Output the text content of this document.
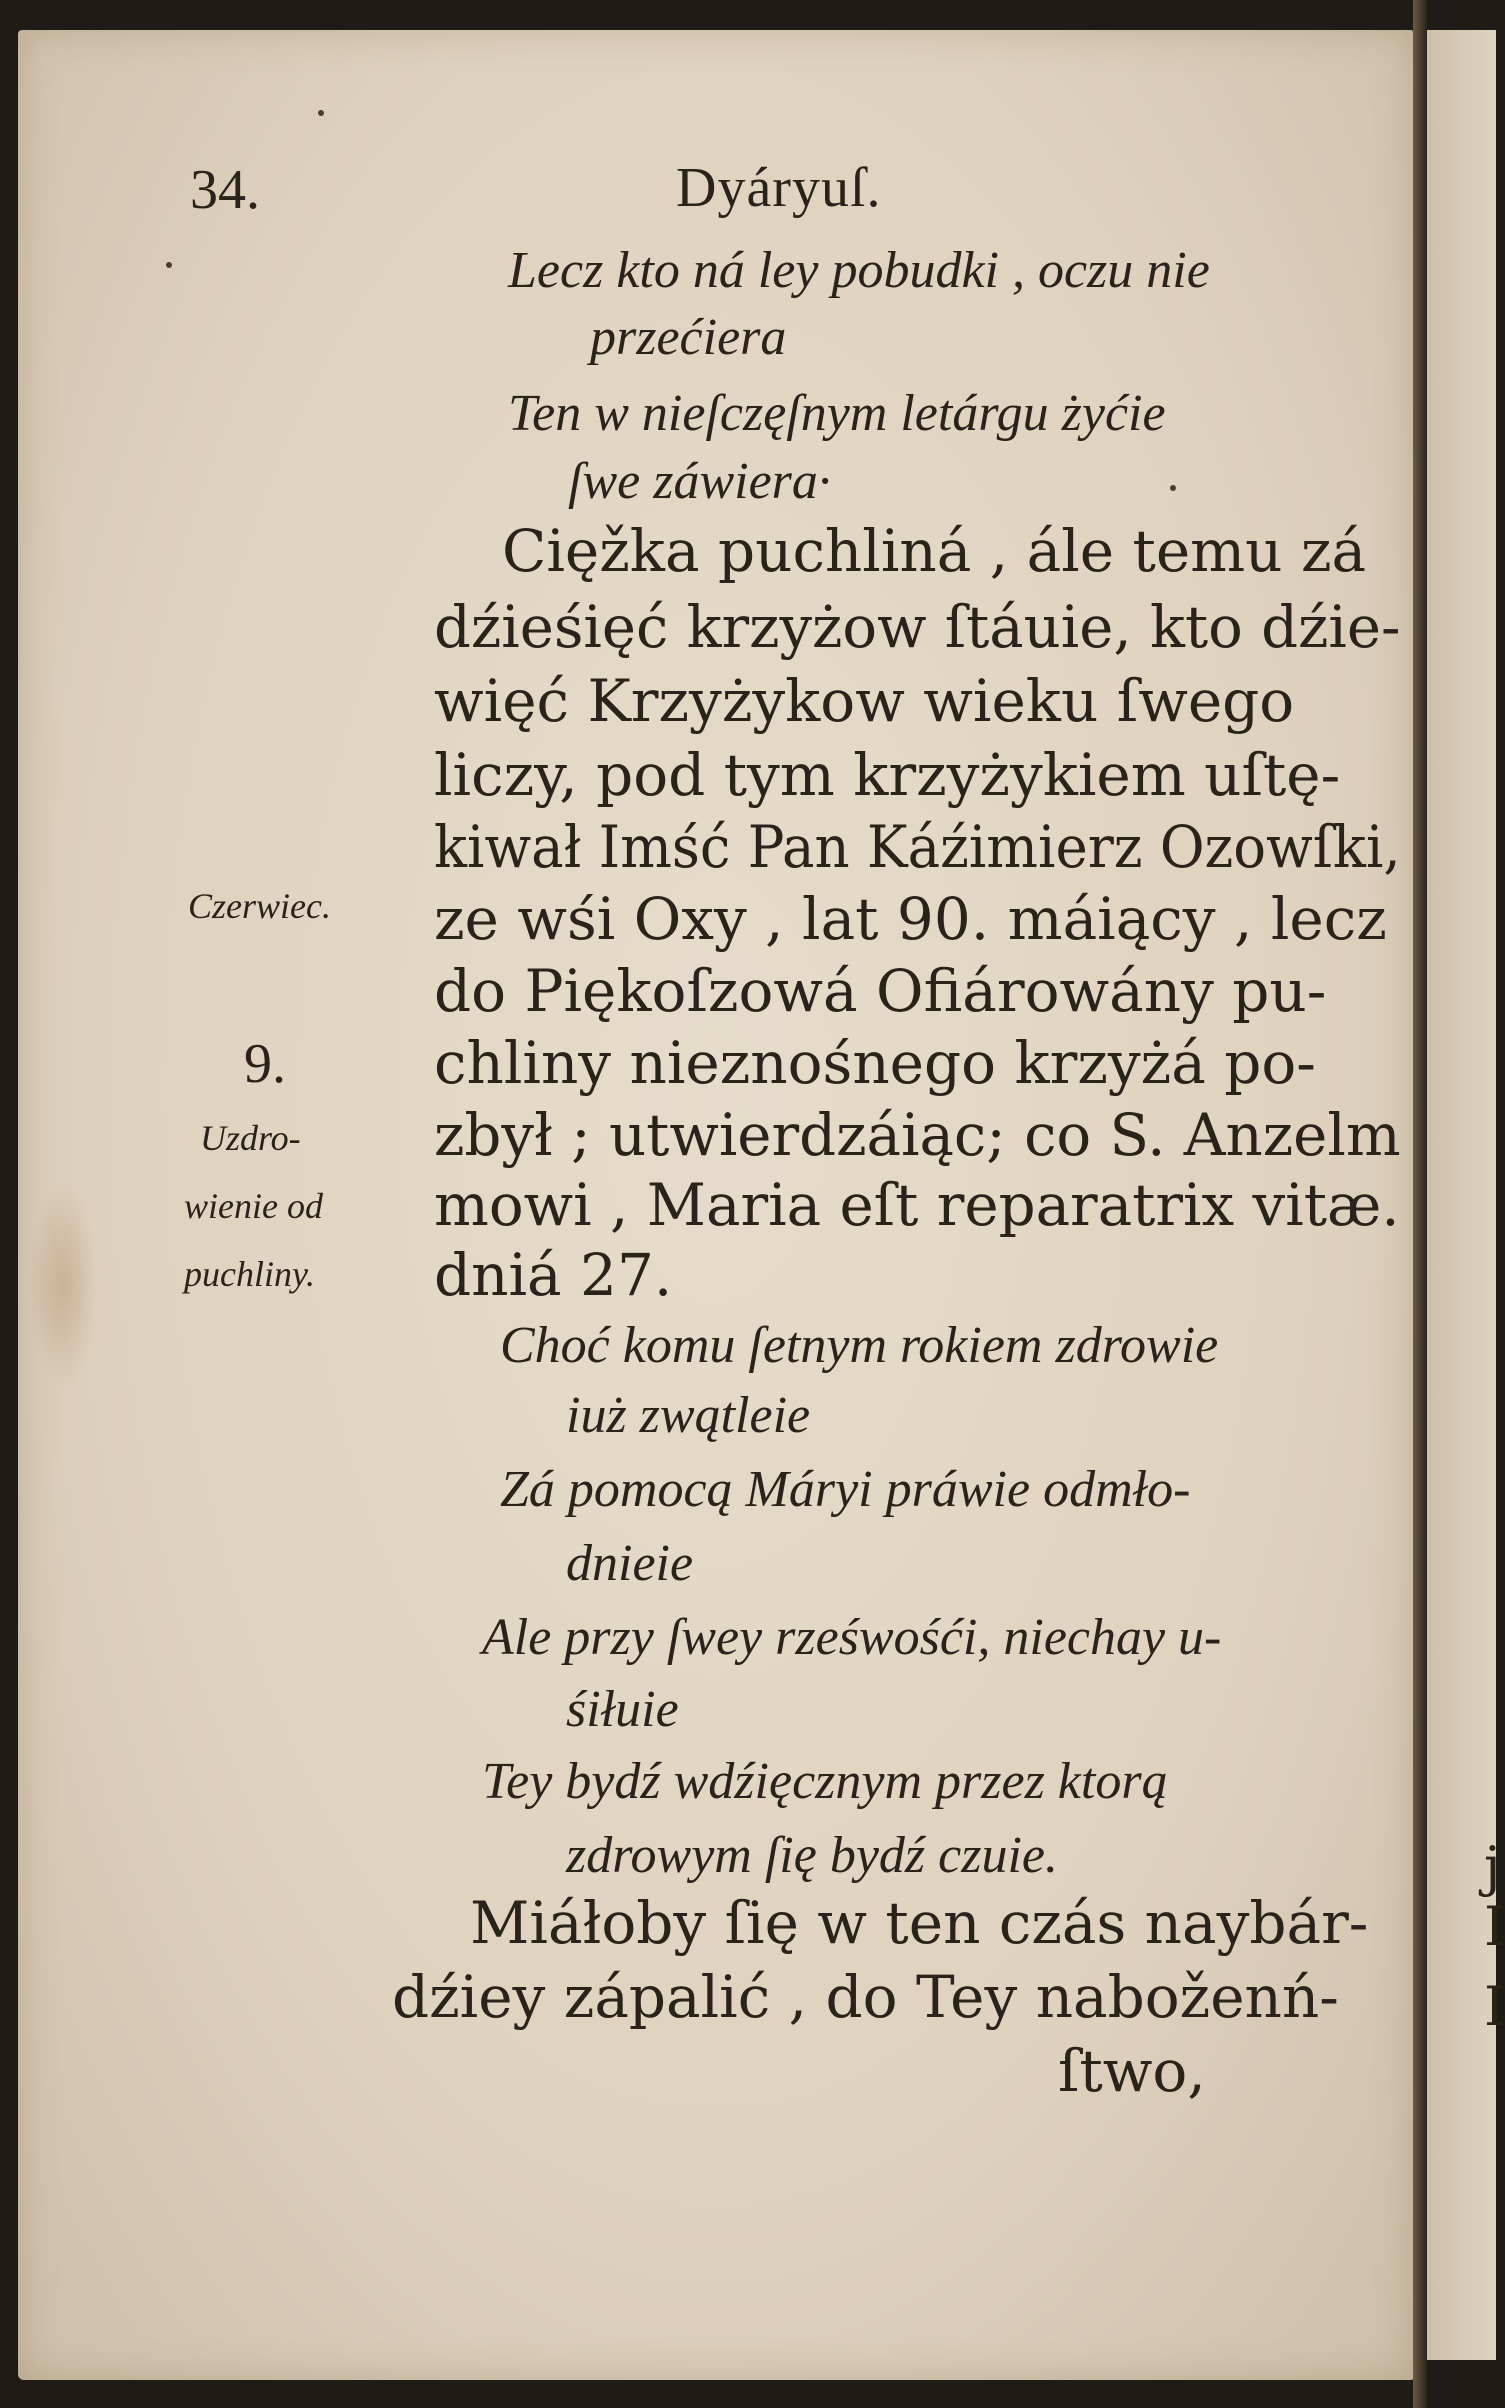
j
I
I
34.	Dyáryuſ.
Lecz kto ná ley pobudki , oczu nie
przećiera
Ten w nieſczęſnym letárgu żyćie
ſwe záwiera·
Cięžka puchliná , ále temu zá
dźieśięć krzyżow ſtáuie, kto dźie-
więć Krzyżykow wieku ſwego
liczy, pod tym krzyżykiem uſtę-
kiwał Imść Pan Káźimierz Ozowſki,
ze wśi Oxy , lat 90. máiący , lecz
do Piękoſzowá Ofiárowány pu-
chliny nieznośnego krzyżá po-
zbył ; utwierdzáiąc; co S. Anzelm
mowi , Maria eſt reparatrix vitæ.
dniá 27.
Czerwiec.
9.
Uzdro-
wienie od
puchliny.
Choć komu ſetnym rokiem zdrowie
iuż zwątleie
Zá pomocą Máryi práwie odmło-
dnieie
Ale przy ſwey rześwośći, niechay u-
śiłuie
Tey bydź wdźięcznym przez ktorą
zdrowym ſię bydź czuie.
Miáłoby ſię w ten czás naybár-
dźiey zápalić , do Tey naboženń-
ſtwo,
